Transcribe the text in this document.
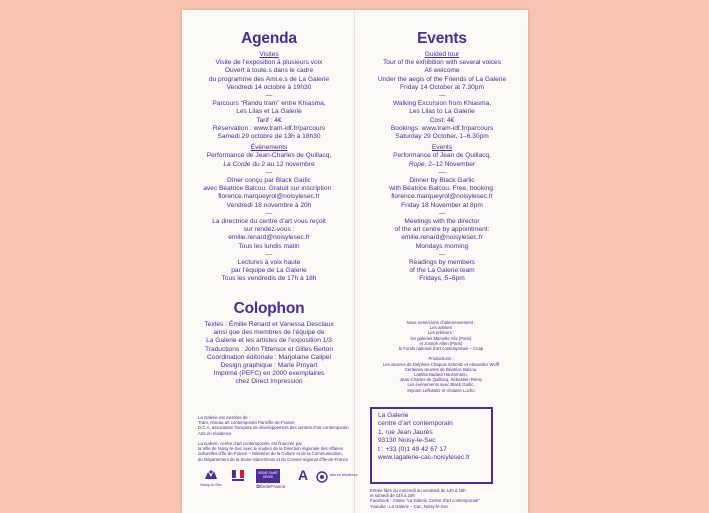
Agenda

Visites

Visite de l’exposition à plusieurs voix

Ouvert à toute.s dans le cadre

du programme des Ami.e.s de La Galerie

Vendredi 14 octobre à 19h30

—

Parcours “Rando tram” entre Khiasma,

Les Lilas et La Galerie

Tarif : 4€

Réservation : www.tram-idf.fr/parcours

Samedi 29 octobre de 13h à 18h30

Évènements

Performance de Jean-Charles de Quillacq,

La Corde du 2 au 12 novembre

—

Dîner conçu par Black Garlic

avec Béatrice Balcou. Gratuit sur inscription :

florence.marqueyrol@noisylesec.fr

Vendredi 18 novembre à 20h

—

La directrice du centre d’art vous reçoit

sur rendez-vous :

emilie.renard@noisylesec.fr

Tous les lundis matin

—

Lectures à voix haute

par l’équipe de La Galerie

Tous les vendredis de 17h à 18h

Events

Guided tour

Tour of the exhibition with several voices

All welcome

Under the aegis of the Friends of La Galerie

Friday 14 October at 7.30pm

—

Walking Excursion from Khiasma,

Les Lilas to La Galerie

Cost: 4€

Bookings: www.tram-idf.fr/parcours

Saturday 29 October, 1–6.30pm

Events

Performance of Jean de Quillacq,

Rope, 2–12 November

—

Dinner by Black Garlic

with Béatrice Balcou. Free, booking:

florence.marqueyrol@noisylesec.fr

Friday 18 November at 8pm

—

Meetings with the director

of the art centre by appointment:

emilie.renard@noisylesec.fr

Mondays morning

—

Readings by members

of the La Galerie team

Fridays, 5–6pm

Colophon

Textes : Émilie Renard et Vanessa Desclaux

ainsi que des membres de l’équipe de

La Galerie et les artistes de l’exposition 1/3

Traductions : John Tittensor et Gilles Berton

Coordination éditoriale : Marjolaine Calipel

Design graphique : Marie Proyart

Imprimé (PEFC) en 2000 exemplaires

chez Direct Impression

Nous remercions chaleureusement :

Les artistes

Les prêteurs :

les galeries Marcelle Alix (Paris)

et Joseph Allen (Paris)

le Fonds national d’art contemporain – Cnap

Productions :

Les œuvres de Delphine Chapuis Schmitz et Alexander Wolff

Certaines œuvres de Béatrice Balcou,

Laëtitia Badaut Haussmann,

Jean-Charles de Quillacq, Sébastien Rémy

Les évènements avec Black Garlic,

Myriam Lefkowitz et Violaine Lochu

La Galerie est membre de :

Tram, réseau art contemporain Paris/Île-de-France

D.C.A, association française de développement des centres d’art contemporain

Arts en résidence

La Galerie, centre d’art contemporain, est financée par

la Ville de Noisy-le-Sec avec le soutien de la Direction régionale des Affaires

culturelles d’Île-de-France – Ministère de la Culture et de la Communication,

du Département de la Seine-Saint-Denis et du Conseil régional d’Île-de-France

Noisy-le-Sec
SEINE SAINT DENIS
✿ÎledeFrance
A	arts en résidence

La Galerie

centre d’art contemporain

1, rue Jean Jaurès

93130 Noisy-le-Sec

t : +33 (0)1 49 42 67 17

www.lagalerie-cac-noisylesec.fr

Entrée libre du mercredi au vendredi de 14h à 18h

et samedi de 14h à 19h

Facebook : J’aime “La Galerie Centre d’art contemporain”

Youtube : La Galerie – Cac, Noisy-le-Sec
